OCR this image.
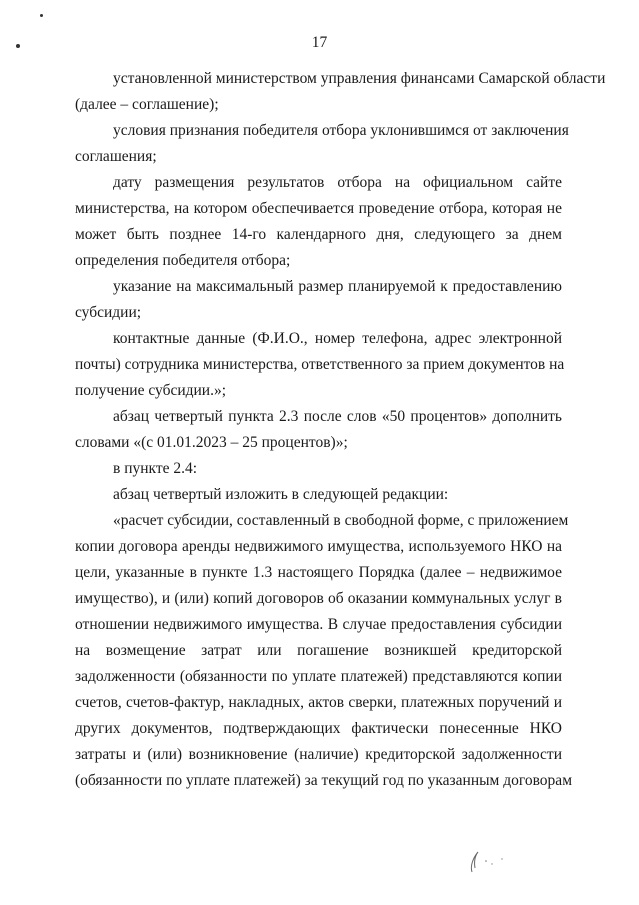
17

установленной министерством управления финансами Самарской области
(далее – соглашение);

условия признания победителя отбора уклонившимся от заключения
соглашения;

дату размещения результатов отбора на официальном сайте
министерства, на котором обеспечивается проведение отбора, которая не
может быть позднее 14-го календарного дня, следующего за днем
определения победителя отбора;

указание на максимальный размер планируемой к предоставлению
субсидии;

контактные данные (Ф.И.О., номер телефона, адрес электронной
почты) сотрудника министерства, ответственного за прием документов на
получение субсидии.»;

абзац четвертый пункта 2.3 после слов «50 процентов» дополнить
словами «(с 01.01.2023 – 25 процентов)»;

в пункте 2.4:

абзац четвертый изложить в следующей редакции:

«расчет субсидии, составленный в свободной форме, с приложением
копии договора аренды недвижимого имущества, используемого НКО на
цели, указанные в пункте 1.3 настоящего Порядка (далее – недвижимое
имущество), и (или) копий договоров об оказании коммунальных услуг в
отношении недвижимого имущества. В случае предоставления субсидии
на возмещение затрат или погашение возникшей кредиторской
задолженности (обязанности по уплате платежей) представляются копии
счетов, счетов-фактур, накладных, актов сверки, платежных поручений и
других документов, подтверждающих фактически понесенные НКО
затраты и (или) возникновение (наличие) кредиторской задолженности
(обязанности по уплате платежей) за текущий год по указанным договорам
